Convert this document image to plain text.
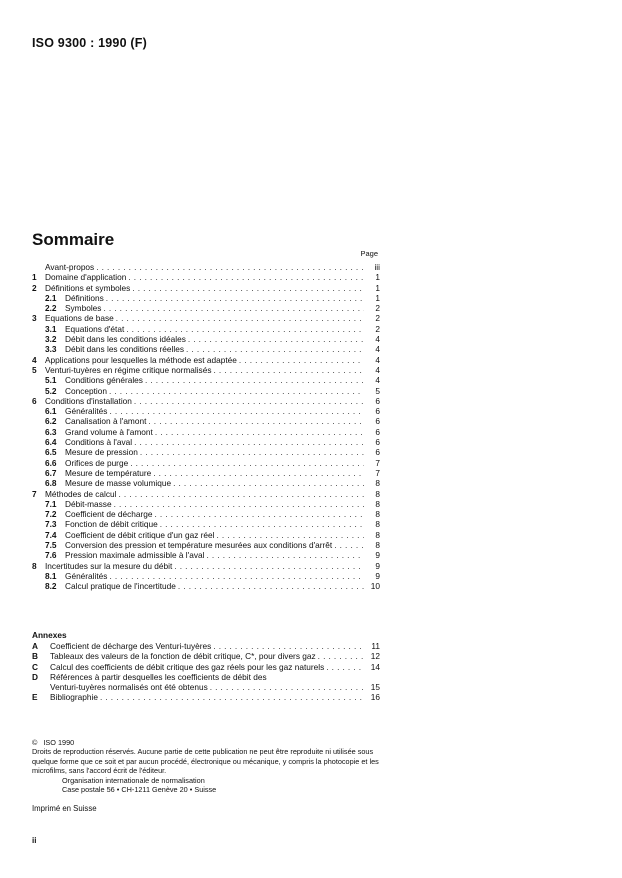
ISO 9300 : 1990 (F)
Sommaire
Page
Avant-propos . . .	iii
1	Domaine d'application . . .	1
2	Définitions et symboles . . .	1
2.1	Définitions . . .	1
2.2	Symboles . . .	2
3	Equations de base . . .	2
3.1	Equations d'état . . .	2
3.2	Débit dans les conditions idéales . . .	4
3.3	Débit dans les conditions réelles . . .	4
4	Applications pour lesquelles la méthode est adaptée . . .	4
5	Venturi-tuyères en régime critique normalisés . . .	4
5.1	Conditions générales . . .	4
5.2	Conception . . .	5
6	Conditions d'installation . . .	6
6.1	Généralités . . .	6
6.2	Canalisation à l'amont . . .	6
6.3	Grand volume à l'amont . . .	6
6.4	Conditions à l'aval . . .	6
6.5	Mesure de pression . . .	6
6.6	Orifices de purge . . .	7
6.7	Mesure de température . . .	7
6.8	Mesure de masse volumique . . .	8
7	Méthodes de calcul . . .	8
7.1	Débit-masse . . .	8
7.2	Coefficient de décharge . . .	8
7.3	Fonction de débit critique . . .	8
7.4	Coefficient de débit critique d'un gaz réel . . .	8
7.5	Conversion des pression et température mesurées aux conditions d'arrêt . . .	8
7.6	Pression maximale admissible à l'aval . . .	9
8	Incertitudes sur la mesure du débit . . .	9
8.1	Généralités . . .	9
8.2	Calcul pratique de l'incertitude . . .	10
Annexes
A	Coefficient de décharge des Venturi-tuyères . . .	11
B	Tableaux des valeurs de la fonction de débit critique, C*, pour divers gaz . . .	12
C	Calcul des coefficients de débit critique des gaz réels pour les gaz naturels . . .	14
D	Références à partir desquelles les coefficients de débit des
Venturi-tuyères normalisés ont été obtenus . . .	15
E	Bibliographie . . .	16

© ISO 1990

Droits de reproduction réservés. Aucune partie de cette publication ne peut être reproduite ni utilisée sous quelque forme que ce soit et par aucun procédé, électronique ou mécanique, y compris la photocopie et les microfilms, sans l'accord écrit de l'éditeur.

Organisation internationale de normalisation

Case postale 56 • CH-1211 Genève 20 • Suisse

Imprimé en Suisse
ii
